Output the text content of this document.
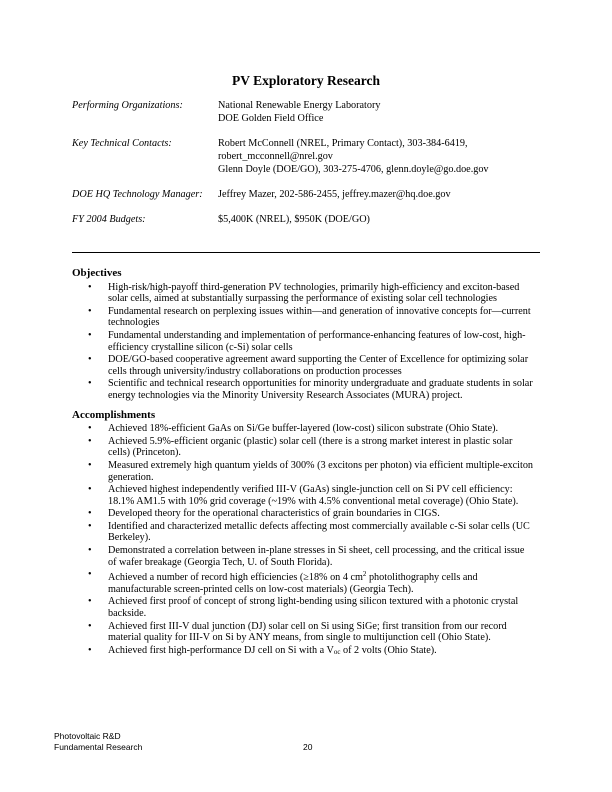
PV Exploratory Research
Performing Organizations:	National Renewable Energy Laboratory
DOE Golden Field Office
Key Technical Contacts:	Robert McConnell (NREL, Primary Contact), 303-384-6419,
robert_mcconnell@nrel.gov
Glenn Doyle (DOE/GO), 303-275-4706, glenn.doyle@go.doe.gov
DOE HQ Technology Manager:	Jeffrey Mazer, 202-586-2455, jeffrey.mazer@hq.doe.gov
FY 2004 Budgets:	$5,400K (NREL), $950K (DOE/GO)
Objectives
• High-risk/high-payoff third-generation PV technologies, primarily high-efficiency and exciton-based solar cells, aimed at substantially surpassing the performance of existing solar cell technologies
• Fundamental research on perplexing issues within—and generation of innovative concepts for—current technologies
• Fundamental understanding and implementation of performance-enhancing features of low-cost, high-efficiency crystalline silicon (c-Si) solar cells
• DOE/GO-based cooperative agreement award supporting the Center of Excellence for optimizing solar cells through university/industry collaborations on production processes
• Scientific and technical research opportunities for minority undergraduate and graduate students in solar energy technologies via the Minority University Research Associates (MURA) project.
Accomplishments
• Achieved 18%-efficient GaAs on Si/Ge buffer-layered (low-cost) silicon substrate (Ohio State).
• Achieved 5.9%-efficient organic (plastic) solar cell (there is a strong market interest in plastic solar cells) (Princeton).
• Measured extremely high quantum yields of 300% (3 excitons per photon) via efficient multiple-exciton generation.
• Achieved highest independently verified III-V (GaAs) single-junction cell on Si PV cell efficiency: 18.1% AM1.5 with 10% grid coverage (~19% with 4.5% conventional metal coverage) (Ohio State).
• Developed theory for the operational characteristics of grain boundaries in CIGS.
• Identified and characterized metallic defects affecting most commercially available c-Si solar cells (UC Berkeley).
• Demonstrated a correlation between in-plane stresses in Si sheet, cell processing, and the critical issue of wafer breakage (Georgia Tech, U. of South Florida).
• Achieved a number of record high efficiencies (≥18% on 4 $cm^2$ photolithography cells and manufacturable screen-printed cells on low-cost materials) (Georgia Tech).
• Achieved first proof of concept of strong light-bending using silicon textured with a photonic crystal backside.
• Achieved first III-V dual junction (DJ) solar cell on Si using SiGe; first transition from our record material quality for III-V on Si by ANY means, from single to multijunction cell (Ohio State).
• Achieved first high-performance DJ cell on Si with a Voc of 2 volts (Ohio State).
Photovoltaic R&D
Fundamental Research	20
